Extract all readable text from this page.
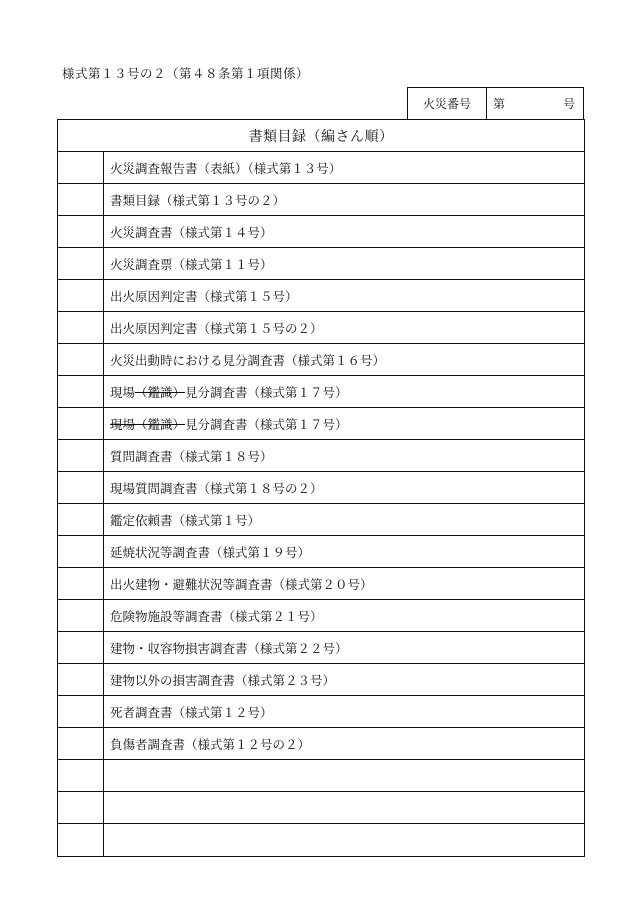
様式第１３号の２（第４８条第１項関係）
火災番号	第	号
書類目録（編さん順）
火災調査報告書（表紙）（様式第１３号）
書類目録（様式第１３号の２）
火災調査書（様式第１４号）
火災調査票（様式第１１号）
出火原因判定書（様式第１５号）
出火原因判定書（様式第１５号の２）
火災出動時における見分調査書（様式第１６号）
現場 （鑑識） 見分調査書（様式第１７号）
現場（鑑識） 見分調査書（様式第１７号）
質問調査書（様式第１８号）
現場質問調査書（様式第１８号の２）
鑑定依頼書（様式第１号）
延焼状況等調査書（様式第１９号）
出火建物・避難状況等調査書（様式第２０号）
危険物施設等調査書（様式第２１号）
建物・収容物損害調査書（様式第２２号）
建物以外の損害調査書（様式第２３号）
死者調査書（様式第１２号）
負傷者調査書（様式第１２号の２）
